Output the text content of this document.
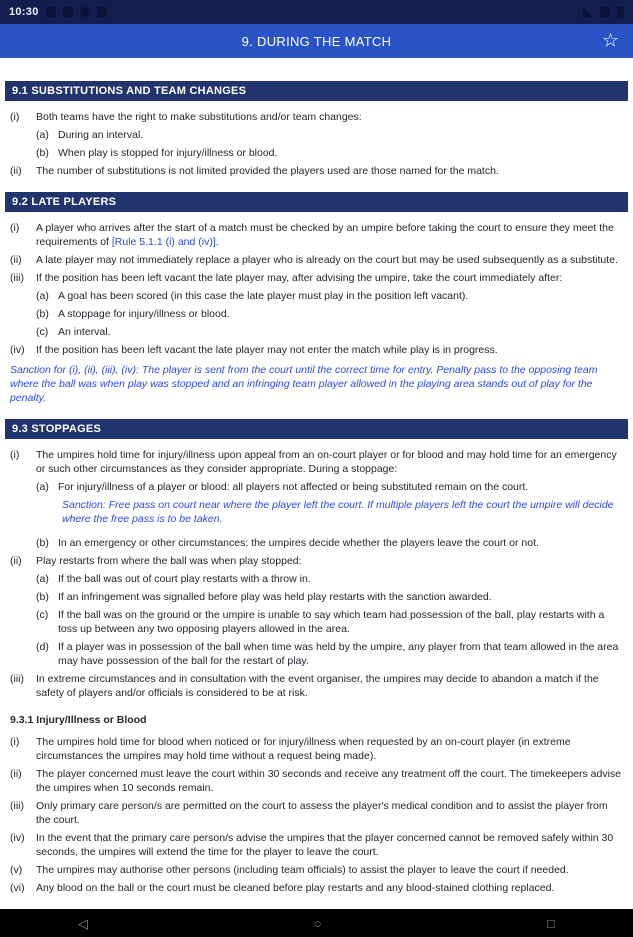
10:30
9. DURING THE MATCH	☆
9.1 SUBSTITUTIONS AND TEAM CHANGES
(i)	Both teams have the right to make substitutions and/or team changes:
(a) During an interval.
(b) When play is stopped for injury/illness or blood.
(ii)	The number of substitutions is not limited provided the players used are those named for the match.
9.2 LATE PLAYERS
(i)	A player who arrives after the start of a match must be checked by an umpire before taking the court to ensure they meet the requirements of [Rule 5.1.1 (i) and (iv)].
(ii)	A late player may not immediately replace a player who is already on the court but may be used subsequently as a substitute.
(iii)	If the position has been left vacant the late player may, after advising the umpire, take the court immediately after:
(a) A goal has been scored (in this case the late player must play in the position left vacant).
(b) A stoppage for injury/illness or blood.
(c) An interval.
(iv)	If the position has been left vacant the late player may not enter the match while play is in progress.
Sanction for (i), (ii), (iii), (iv): The player is sent from the court until the correct time for entry. Penalty pass to the opposing team where the ball was when play was stopped and an infringing team player allowed in the playing area stands out of play for the penalty.
9.3 STOPPAGES
(i)	The umpires hold time for injury/illness upon appeal from an on-court player or for blood and may hold time for an emergency or such other circumstances as they consider appropriate. During a stoppage:
(a) For injury/illness of a player or blood: all players not affected or being substituted remain on the court.
Sanction: Free pass on court near where the player left the court. If multiple players left the court the umpire will decide where the free pass is to be taken.
(b) In an emergency or other circumstances: the umpires decide whether the players leave the court or not.
(ii)	Play restarts from where the ball was when play stopped:
(a) If the ball was out of court play restarts with a throw in.
(b) If an infringement was signalled before play was held play restarts with the sanction awarded.
(c) If the ball was on the ground or the umpire is unable to say which team had possession of the ball, play restarts with a toss up between any two opposing players allowed in the area.
(d) If a player was in possession of the ball when time was held by the umpire, any player from that team allowed in the area may have possession of the ball for the restart of play.
(iii)	In extreme circumstances and in consultation with the event organiser, the umpires may decide to abandon a match if the safety of players and/or officials is considered to be at risk.
9.3.1 Injury/Illness or Blood
(i)	The umpires hold time for blood when noticed or for injury/illness when requested by an on-court player (in extreme circumstances the umpires may hold time without a request being made).
(ii)	The player concerned must leave the court within 30 seconds and receive any treatment off the court. The timekeepers advise the umpires when 10 seconds remain.
(iii)	Only primary care person/s are permitted on the court to assess the player's medical condition and to assist the player from the court.
(iv)	In the event that the primary care person/s advise the umpires that the player concerned cannot be removed safely within 30 seconds, the umpires will extend the time for the player to leave the court.
(v)	The umpires may authorise other persons (including team officials) to assist the player to leave the court if needed.
(vi)	Any blood on the ball or the court must be cleaned before play restarts and any blood-stained clothing replaced.
◁	○	□
